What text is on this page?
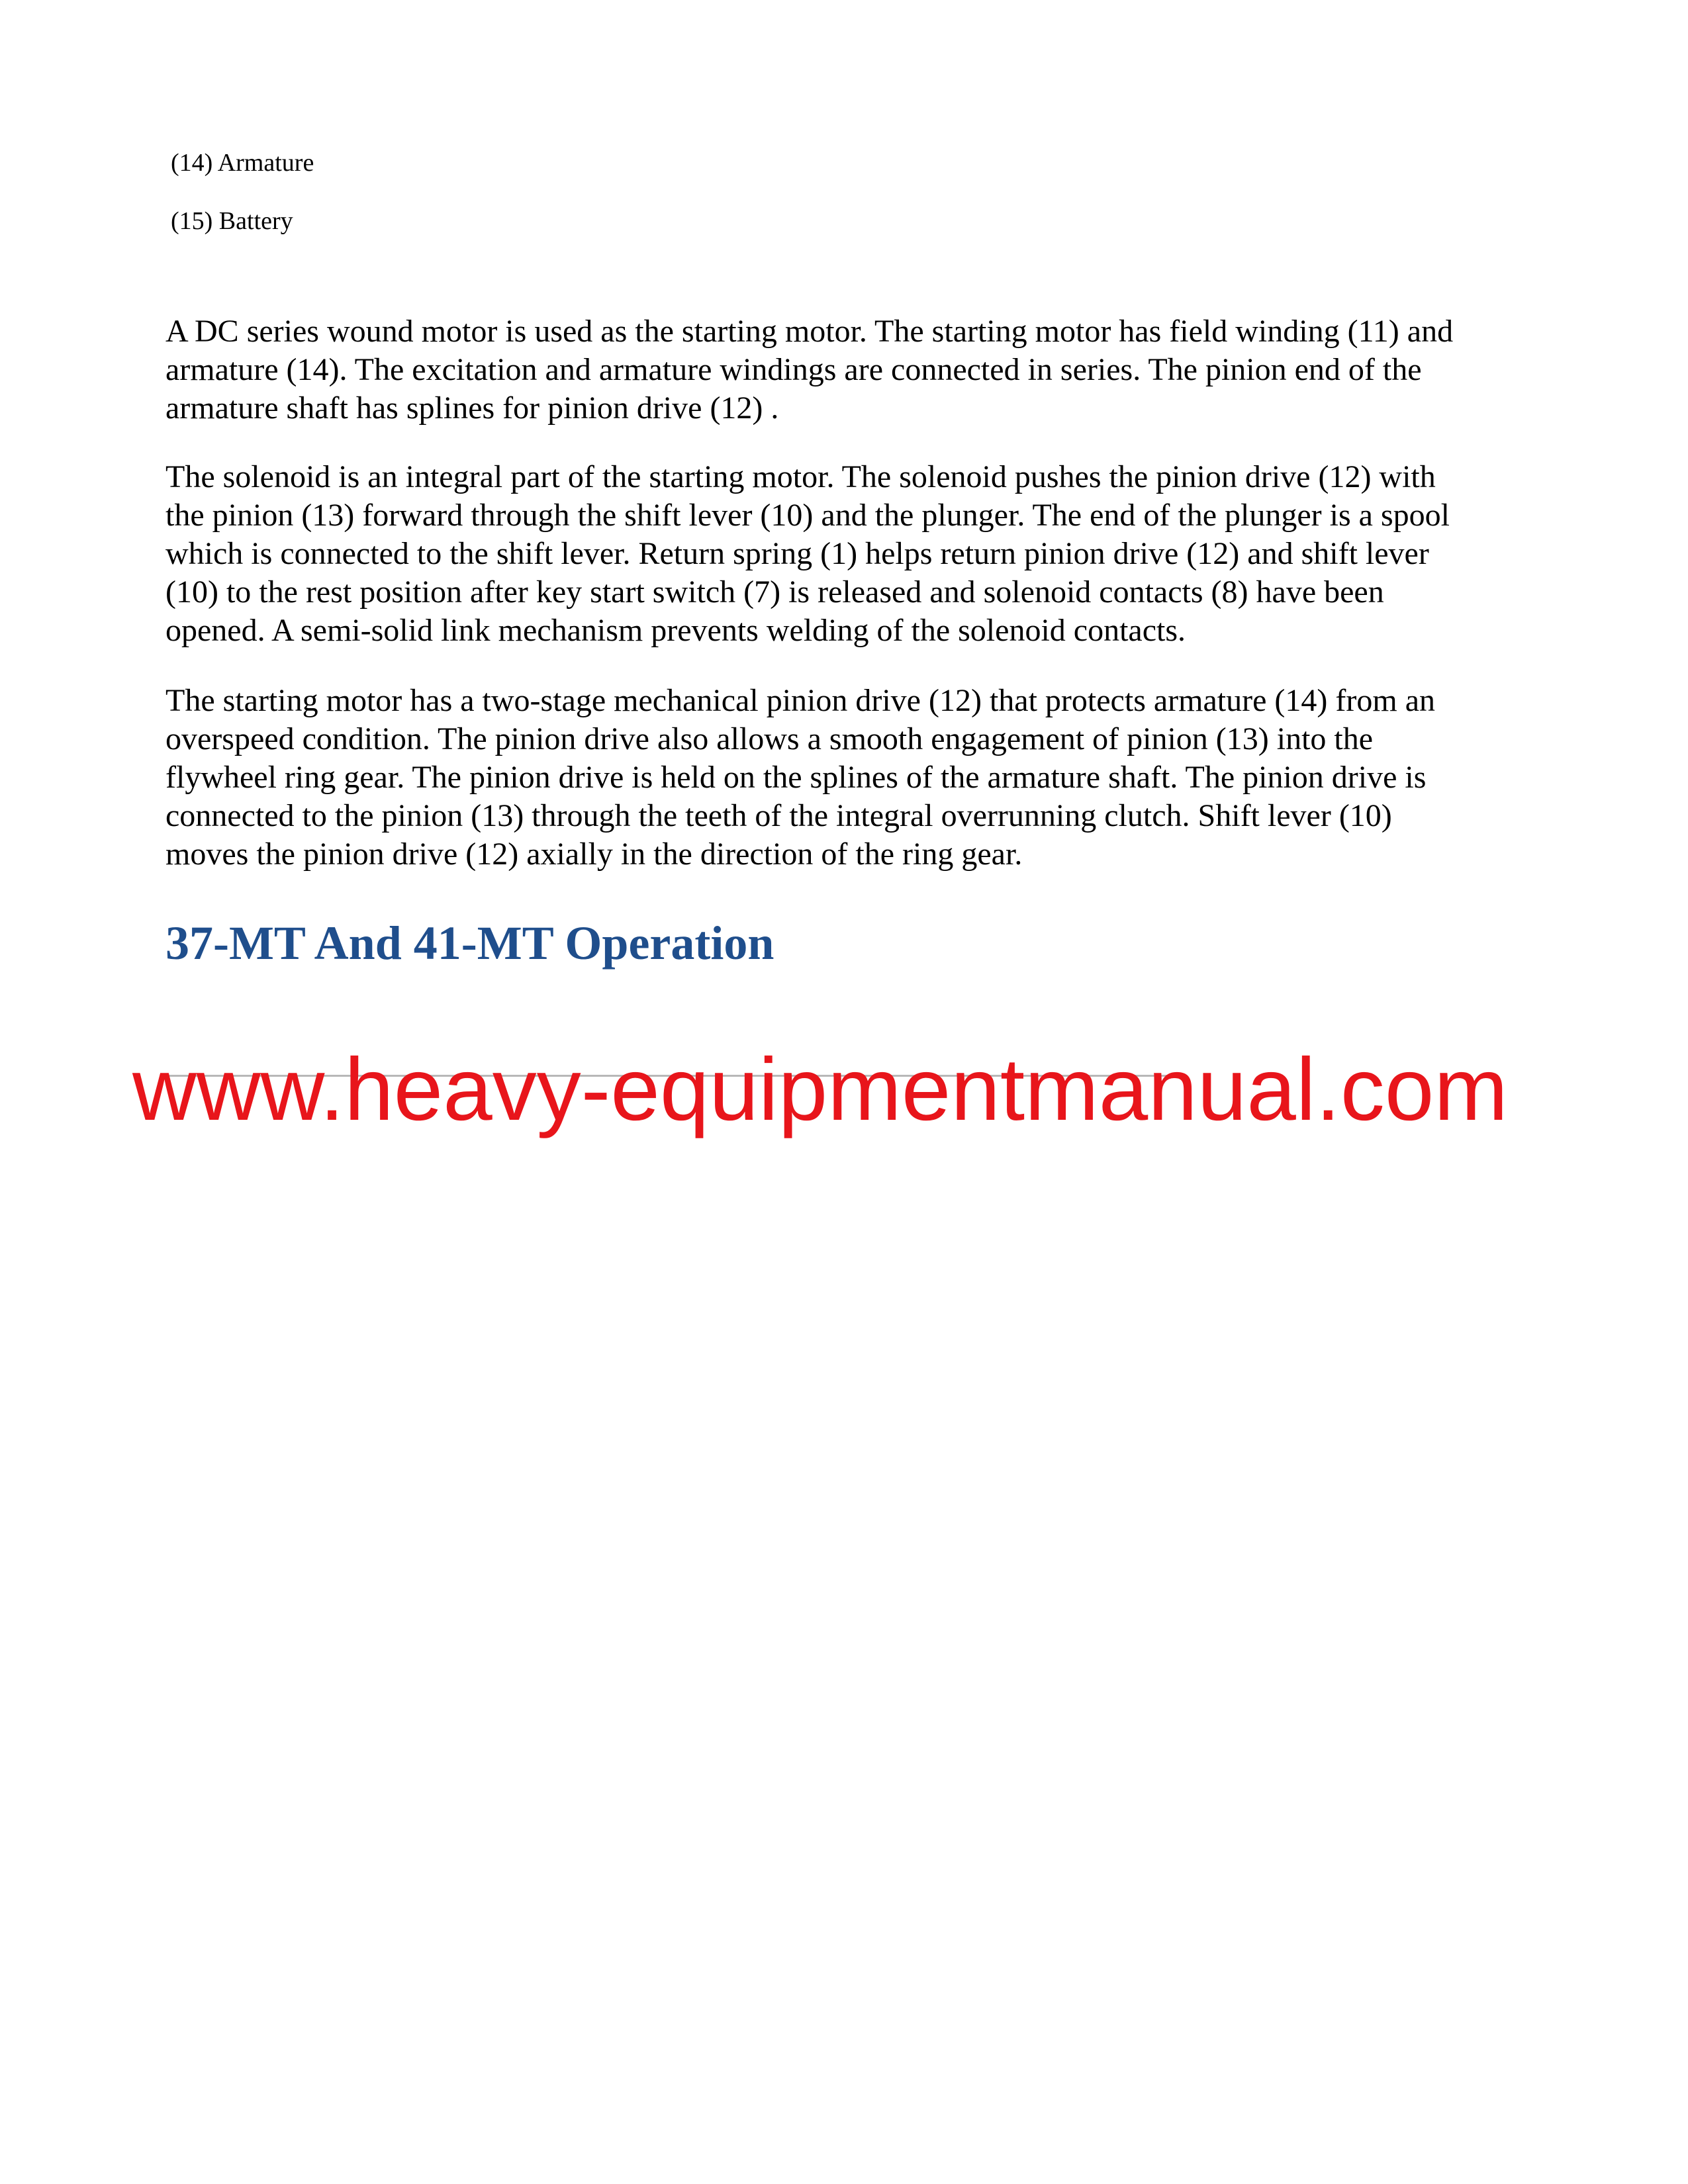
(14) Armature
(15) Battery

A DC series wound motor is used as the starting motor. The starting motor has field winding (11) and
armature (14). The excitation and armature windings are connected in series. The pinion end of the
armature shaft has splines for pinion drive (12) .

The solenoid is an integral part of the starting motor. The solenoid pushes the pinion drive (12) with
the pinion (13) forward through the shift lever (10) and the plunger. The end of the plunger is a spool
which is connected to the shift lever. Return spring (1) helps return pinion drive (12) and shift lever
(10) to the rest position after key start switch (7) is released and solenoid contacts (8) have been
opened. A semi-solid link mechanism prevents welding of the solenoid contacts.

The starting motor has a two-stage mechanical pinion drive (12) that protects armature (14) from an
overspeed condition. The pinion drive also allows a smooth engagement of pinion (13) into the
flywheel ring gear. The pinion drive is held on the splines of the armature shaft. The pinion drive is
connected to the pinion (13) through the teeth of the integral overrunning clutch. Shift lever (10)
moves the pinion drive (12) axially in the direction of the ring gear.

37-MT And 41-MT Operation
www.heavy-equipmentmanual.com
